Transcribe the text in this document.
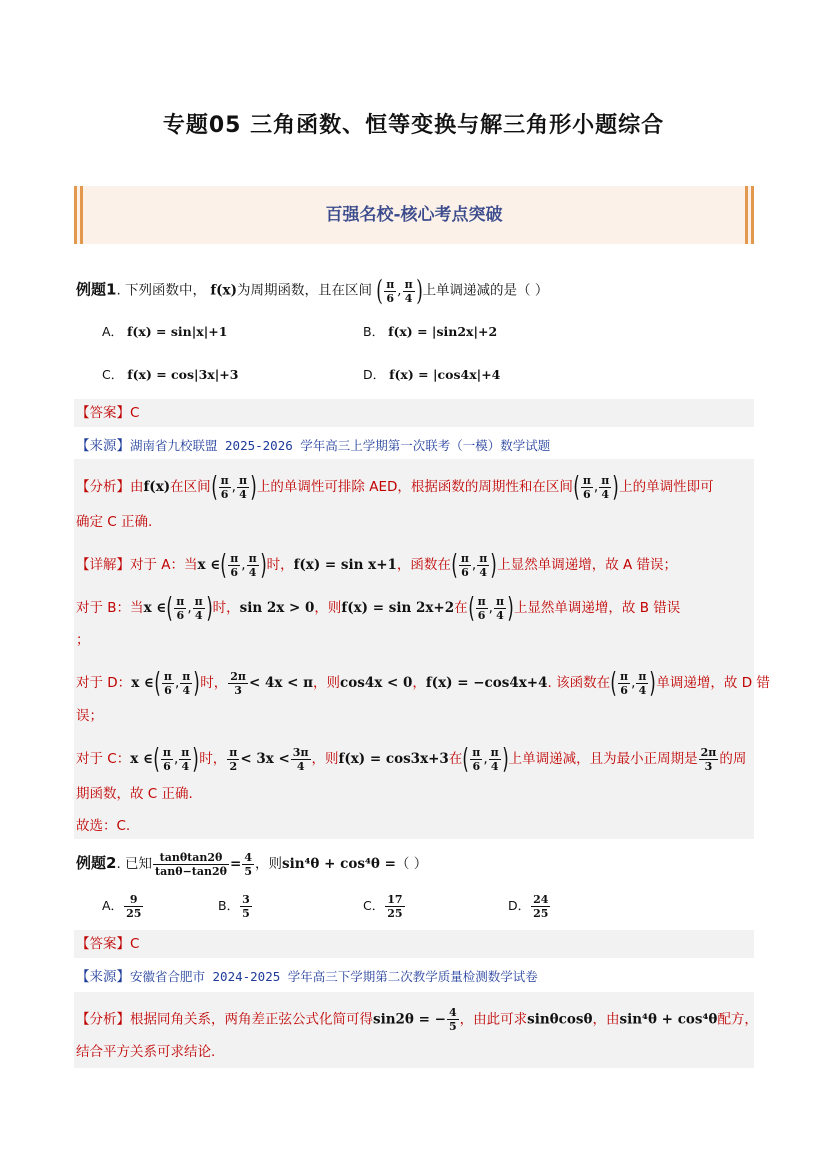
专题05 三角函数、恒等变换与解三角形小题综合
百强名校-核心考点突破
例题1. 下列函数中， f(x)为周期函数，且在区间 ( $\frac{\pi}{6}$ , $\frac{\pi}{4}$ )上单调递减的是（ ）
A． f(x) = sin|x|+1	B． f(x) = |sin2x|+2
C． f(x) = cos|3x|+3	D． f(x) = |cos4x|+4
【答案】C
【来源】湖南省九校联盟 2025-2026 学年高三上学期第一次联考（一模）数学试题
【分析】由f(x)在区间( $\frac{\pi}{6}$ , $\frac{\pi}{4}$ )上的单调性可排除 AED，根据函数的周期性和在区间( $\frac{\pi}{6}$ , $\frac{\pi}{4}$ )上的单调性即可
确定 C 正确.
【详解】对于 A：当x ∈( $\frac{\pi}{6}$ , $\frac{\pi}{4}$ )时，f(x) = sin x+1，函数在( $\frac{\pi}{6}$ , $\frac{\pi}{4}$ )上显然单调递增，故 A 错误；
对于 B：当x ∈( $\frac{\pi}{6}$ , $\frac{\pi}{4}$ )时，sin 2x > 0，则f(x) = sin 2x+2在( $\frac{\pi}{6}$ , $\frac{\pi}{4}$ )上显然单调递增，故 B 错误
；
对于 D：x ∈( $\frac{\pi}{6}$ , $\frac{\pi}{4}$ )时， $\frac{2\pi}{3} < 4x < \pi$，则cos4x < 0，f(x) = −cos4x+4. 该函数在( $\frac{\pi}{6}$ , $\frac{\pi}{4}$ )单调递增，故 D 错
误；
对于 C：x ∈( $\frac{\pi}{6}$ , $\frac{\pi}{4}$ )时， $\frac{\pi}{2} < 3x < \frac{3\pi}{4}$ ，则f(x) = cos3x+3在( $\frac{\pi}{6}$ , $\frac{\pi}{4}$ )上单调递减，且为最小正周期是 $\frac{2\pi}{3}$ 的周
期函数，故 C 正确.
故选：C.
例题2. 已知 $\frac{\tan\theta\tan 2\theta}{\tan\theta-\tan 2\theta} = \frac{4}{5}$ ，则sin⁴θ + cos⁴θ =（ ）
A． $\frac{9}{25}$	B． $\frac{3}{5}$	C． $\frac{17}{25}$	D． $\frac{24}{25}$
【答案】C
【来源】安徽省合肥市 2024-2025 学年高三下学期第二次教学质量检测数学试卷
【分析】根据同角关系，两角差正弦公式化简可得sin2θ = − $\frac{4}{5}$ ，由此可求sinθcosθ，由sin⁴θ + cos⁴θ配方，
结合平方关系可求结论.
